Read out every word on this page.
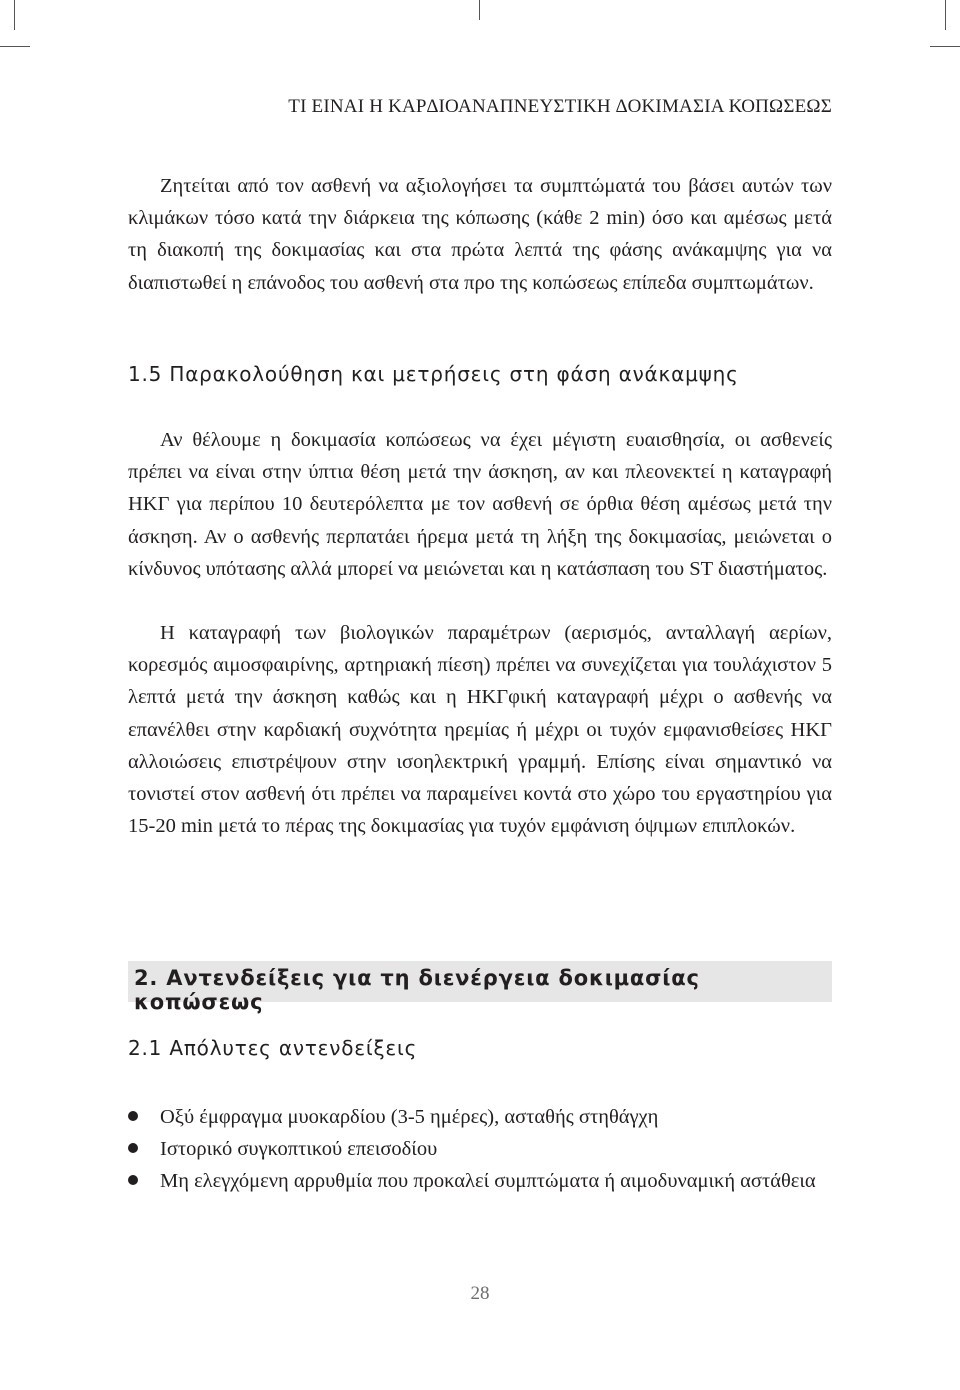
ΤΙ ΕΙΝΑΙ Η ΚΑΡ∆ΙΟΑΝΑΠΝΕΥΣΤΙΚΗ ∆ΟΚΙΜΑΣΙΑ ΚΟΠΩΣΕΩΣ

Ζητείται από τον ασθενή να αξιολογήσει τα συμπτώματά του βάσει αυτών των κλιμάκων τόσο κατά την διάρκεια της κόπωσης (κάθε 2 min) όσο και αμέσως μετά τη διακοπή της δοκιμασίας και στα πρώτα λεπτά της φάσης ανάκαμψης για να διαπιστωθεί η επάνοδος του ασθενή στα προ της κοπώσεως επίπεδα συμπτωμάτων.

1.5 Παρακολούθηση και μετρήσεις στη φάση ανάκαμψης

Αν θέλουμε η δοκιμασία κοπώσεως να έχει μέγιστη ευαισθησία, οι ασθενείς πρέπει να είναι στην ύπτια θέση μετά την άσκηση, αν και πλεονεκτεί η καταγραφή ΗΚΓ για περίπου 10 δευτερόλεπτα με τον ασθενή σε όρθια θέση αμέσως μετά την άσκηση. Αν ο ασθενής περπατάει ήρεμα μετά τη λήξη της δοκιμασίας, μειώνεται ο κίνδυνος υπότασης αλλά μπορεί να μειώνεται και η κατάσπαση του ST διαστήματος.

Η καταγραφή των βιολογικών παραμέτρων (αερισμός, ανταλλαγή αερίων, κορεσμός αιμοσφαιρίνης, αρτηριακή πίεση) πρέπει να συνεχίζεται για τουλάχιστον 5 λεπτά μετά την άσκηση καθώς και η ΗΚΓφική καταγραφή μέχρι ο ασθενής να επανέλθει στην καρδιακή συχνότητα ηρεμίας ή μέχρι οι τυχόν εμφανισθείσες ΗΚΓ αλλοιώσεις επιστρέψουν στην ισοηλεκτρική γραμμή. Επίσης είναι σημαντικό να τονιστεί στον ασθενή ότι πρέπει να παραμείνει κοντά στο χώρο του εργαστηρίου για 15-20 min μετά το πέρας της δοκιμασίας για τυχόν εμφάνιση όψιμων επιπλοκών.

2. Αντενδείξεις για τη διενέργεια δοκιμασίας κοπώσεως
2.1 Απόλυτες αντενδείξεις
Οξύ έμφραγμα μυοκαρδίου (3-5 ημέρες), ασταθής στηθάγχη
Ιστορικό συγκοπτικού επεισοδίου
Μη ελεγχόμενη αρρυθμία που προκαλεί συμπτώματα ή αιμοδυναμική αστάθεια
28
